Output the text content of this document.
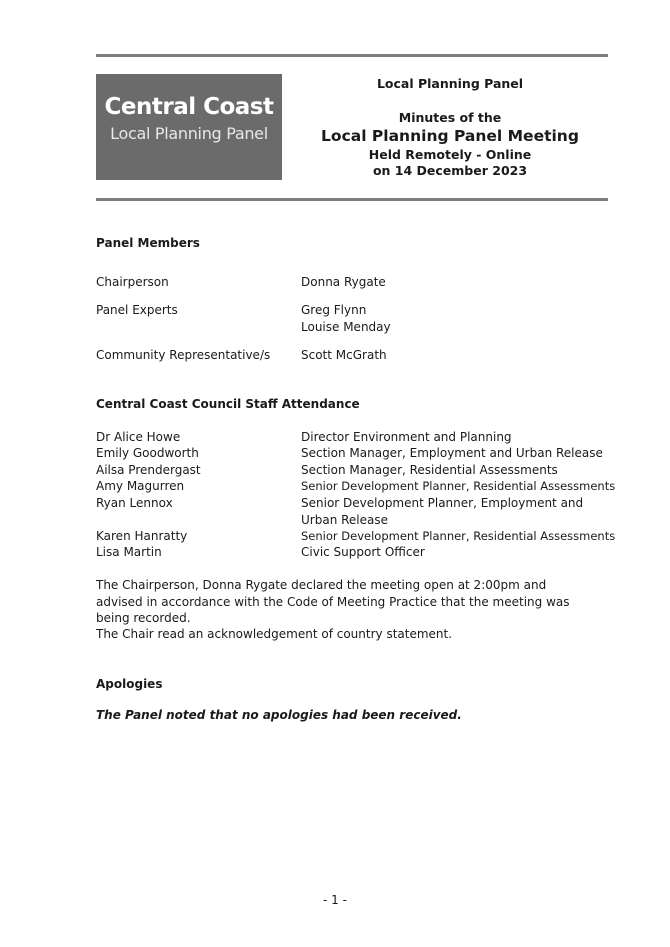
Central Coast
Local Planning Panel
Local Planning Panel
Minutes of the
Local Planning Panel Meeting
Held Remotely - Online
on 14 December 2023
Panel Members
Chairperson	Donna Rygate
Panel Experts	Greg Flynn
Louise Menday
Community Representative/s	Scott McGrath
Central Coast Council Staff Attendance
Dr Alice Howe	Director Environment and Planning
Emily Goodworth	Section Manager, Employment and Urban Release
Ailsa Prendergast	Section Manager, Residential Assessments
Amy Magurren	Senior Development Planner, Residential Assessments
Ryan Lennox	Senior Development Planner, Employment and Urban Release
Karen Hanratty	Senior Development Planner, Residential Assessments
Lisa Martin	Civic Support Officer
The Chairperson, Donna Rygate declared the meeting open at 2:00pm and advised in accordance with the Code of Meeting Practice that the meeting was being recorded.
The Chair read an acknowledgement of country statement.
Apologies
The Panel noted that no apologies had been received.
- 1 -
